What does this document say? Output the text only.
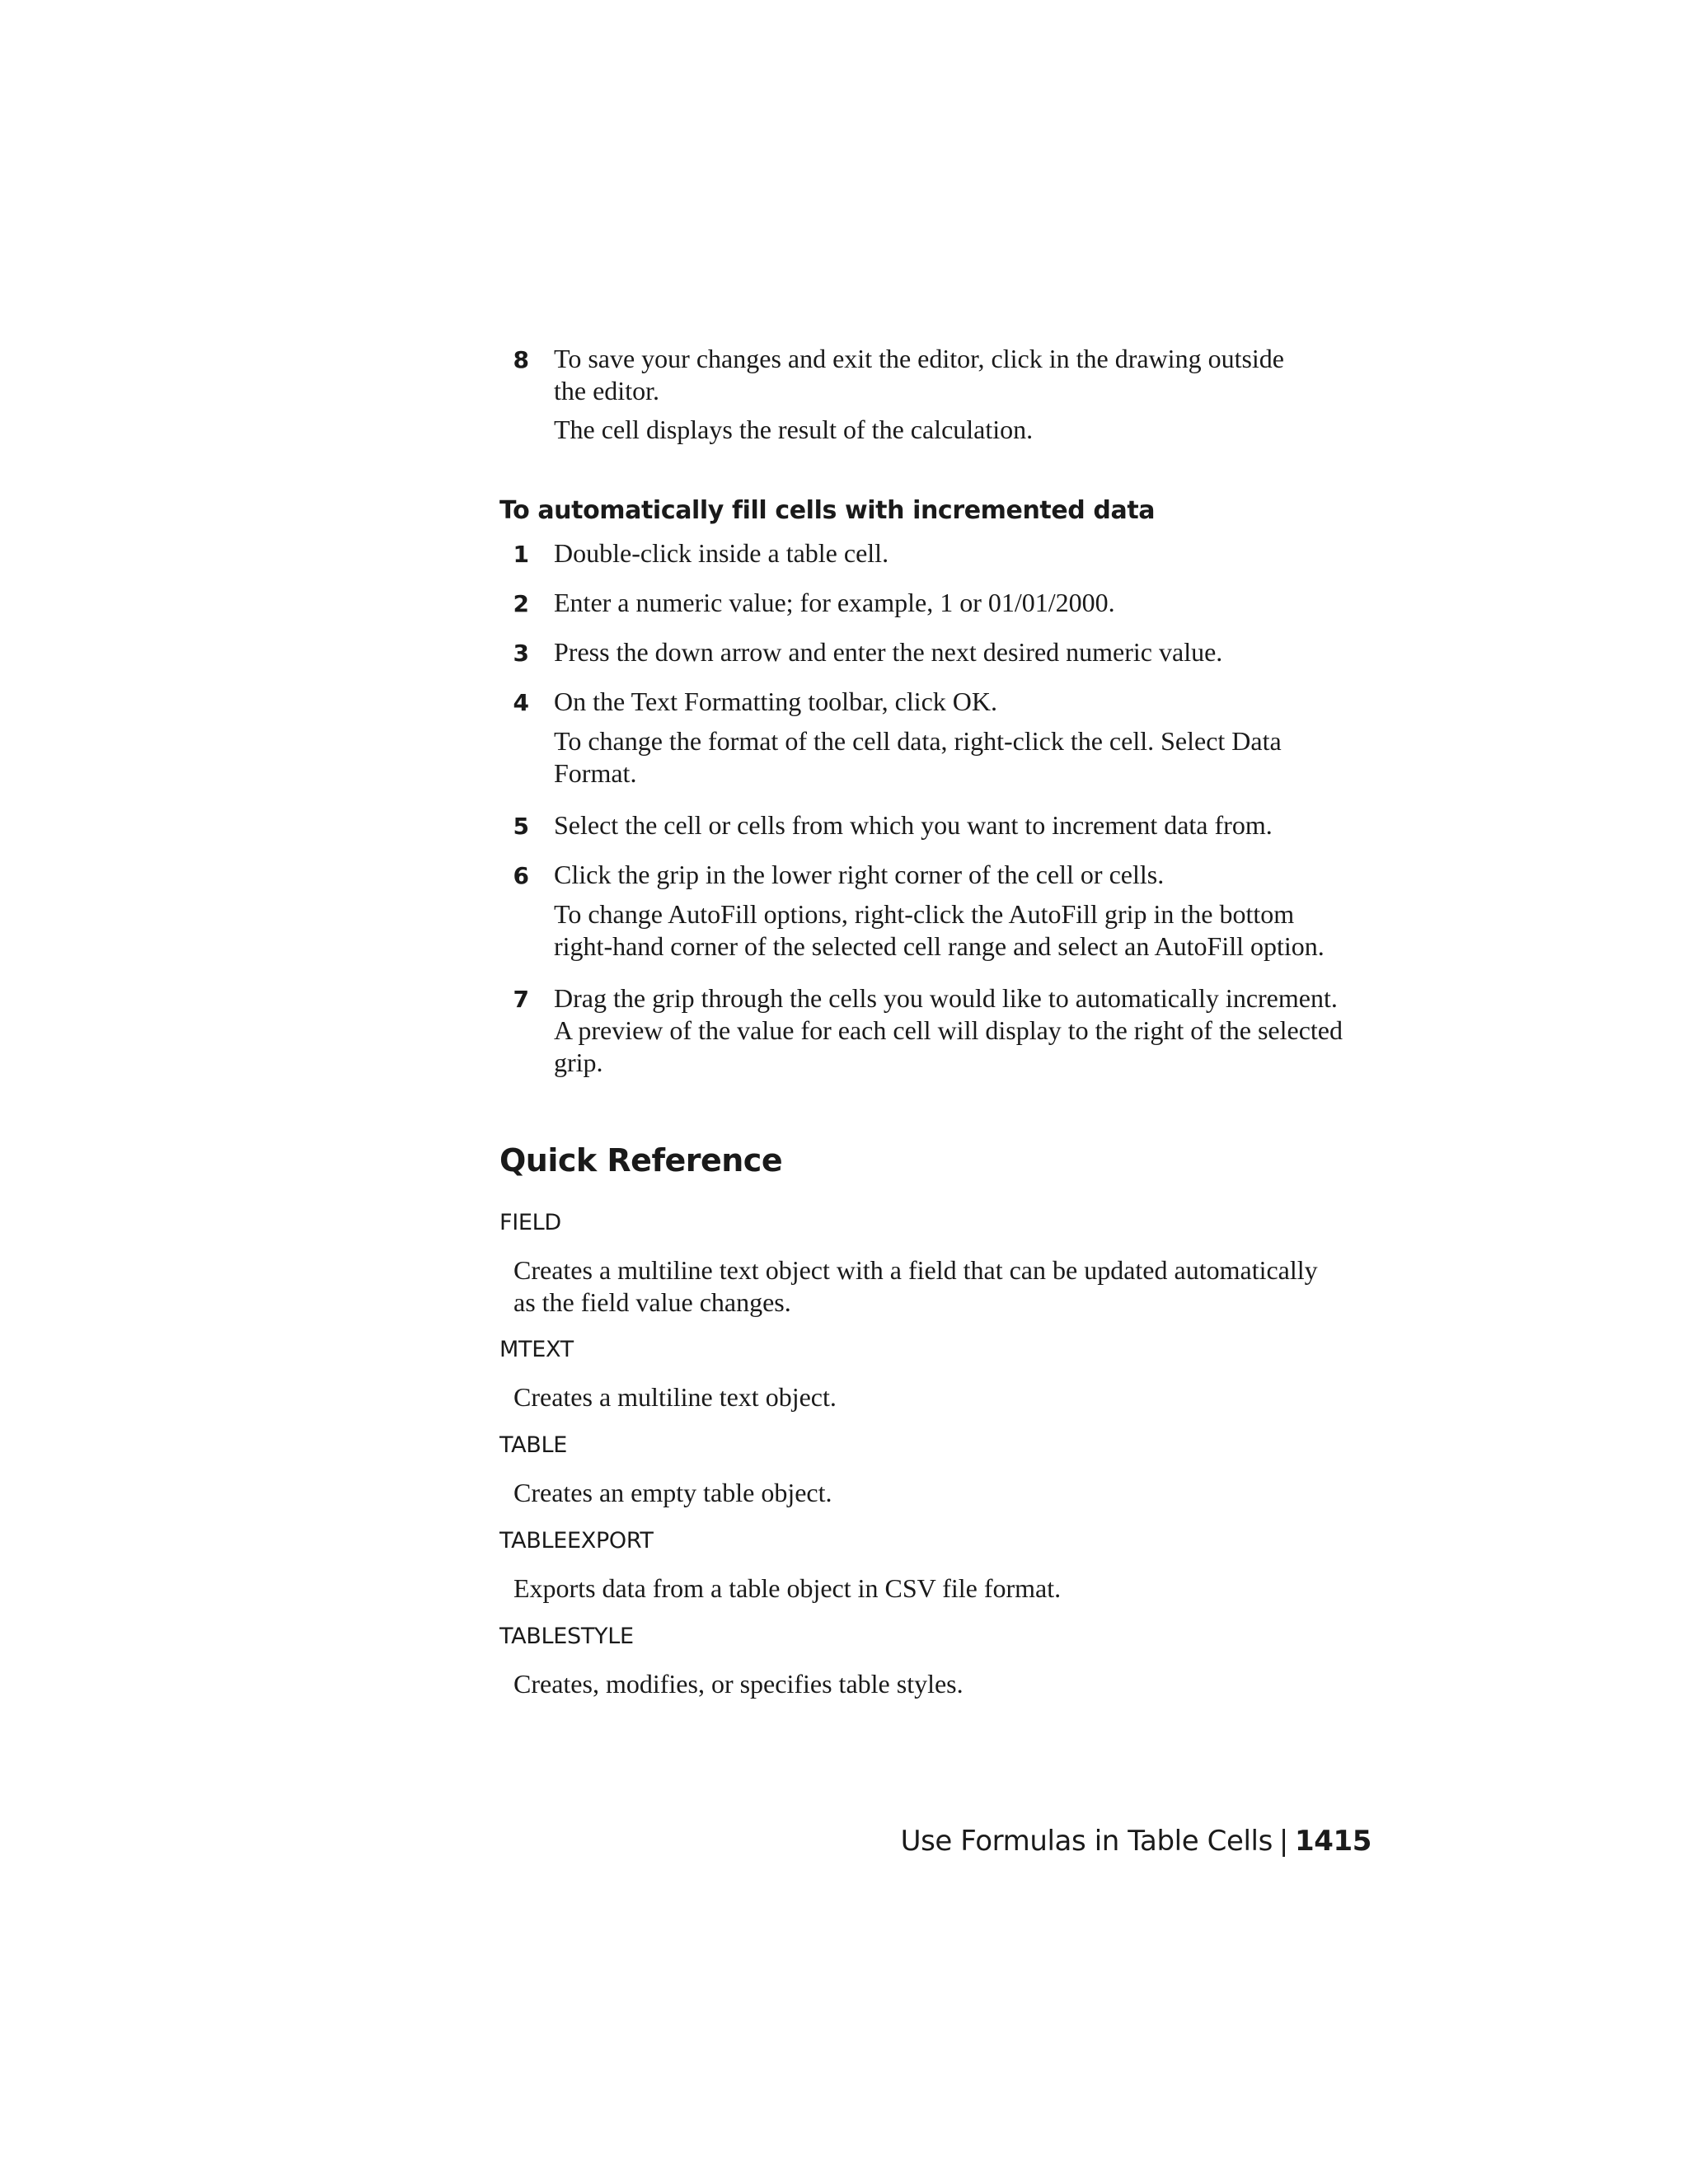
8 To save your changes and exit the editor, click in the drawing outside
the editor.
The cell displays the result of the calculation.
To automatically fill cells with incremented data
1 Double-click inside a table cell.
2 Enter a numeric value; for example, 1 or 01/01/2000.
3 Press the down arrow and enter the next desired numeric value.
4 On the Text Formatting toolbar, click OK.
To change the format of the cell data, right-click the cell. Select Data
Format.
5 Select the cell or cells from which you want to increment data from.
6 Click the grip in the lower right corner of the cell or cells.
To change AutoFill options, right-click the AutoFill grip in the bottom
right-hand corner of the selected cell range and select an AutoFill option.
7 Drag the grip through the cells you would like to automatically increment.
A preview of the value for each cell will display to the right of the selected
grip.
Quick Reference
FIELD
Creates a multiline text object with a field that can be updated automatically
as the field value changes.
MTEXT
Creates a multiline text object.
TABLE
Creates an empty table object.
TABLEEXPORT
Exports data from a table object in CSV file format.
TABLESTYLE
Creates, modifies, or specifies table styles.
Use Formulas in Table Cells | 1415
